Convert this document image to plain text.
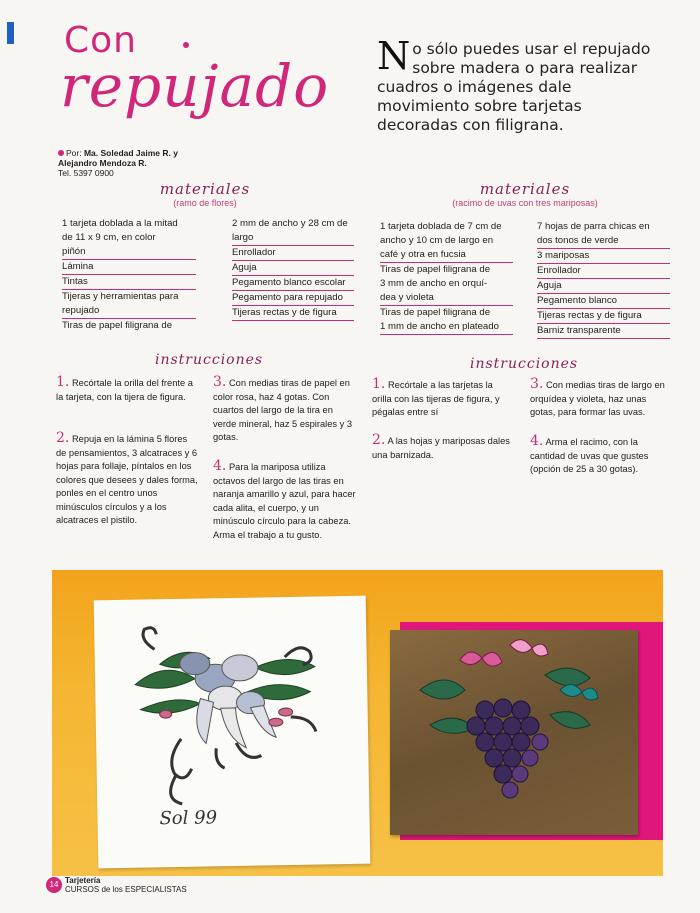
Con
repujado No sólo puedes usar el repujado sobre madera o para realizar cuadros o imágenes dale movimiento sobre tarjetas decoradas con filigrana.
Por: Ma. Soledad Jaime R. y
Alejandro Mendoza R.
Tel. 5397 0900
materiales
(ramo de flores)
1 tarjeta doblada a la mitad
de 11 x 9 cm, en color
piñón
Lámina
Tintas
Tijeras y herramientas para
repujado
Tiras de papel filigrana de
2 mm de ancho y 28 cm de
largo
Enrollador
Aguja
Pegamento blanco escolar
Pegamento para repujado
Tijeras rectas y de figura
materiales
(racimo de uvas con tres mariposas)
1 tarjeta doblada de 7 cm de
ancho y 10 cm de largo en
café y otra en fucsia
Tiras de papel filigrana de
3 mm de ancho en orquí-
dea y violeta
Tiras de papel filigrana de
1 mm de ancho en plateado
7 hojas de parra chicas en
dos tonos de verde
3 mariposas
Enrollador
Aguja
Pegamento blanco
Tijeras rectas y de figura
Barniz transparente
instrucciones	instrucciones
1. Recórtale la orilla del frente a la tarjeta, con la tijera de figura.
2. Repuja en la lámina 5 flores de pensamientos, 3 alcatraces y 6 hojas para follaje, píntalos en los colores que desees y dales forma, ponles en el centro unos minúsculos círculos y a los alcatraces el pistilo.
3. Con medias tiras de papel en color rosa, haz 4 gotas. Con cuartos del largo de la tira en verde mineral, haz 5 espirales y 3 gotas.
4. Para la mariposa utiliza octavos del largo de las tiras en naranja amarillo y azul, para hacer cada alita, el cuerpo, y un minúsculo círculo para la cabeza. Arma el trabajo a tu gusto.
1. Recórtale a las tarjetas la orilla con las tijeras de figura, y pégalas entre sí
2. A las hojas y mariposas dales una barnizada.
3. Con medias tiras de largo en orquídea y violeta, haz unas gotas, para formar las uvas.
4. Arma el racimo, con la cantidad de uvas que gustes (opción de 25 a 30 gotas).
Sol 99
14 Tarjetería
CURSOS de los ESPECIALISTAS
